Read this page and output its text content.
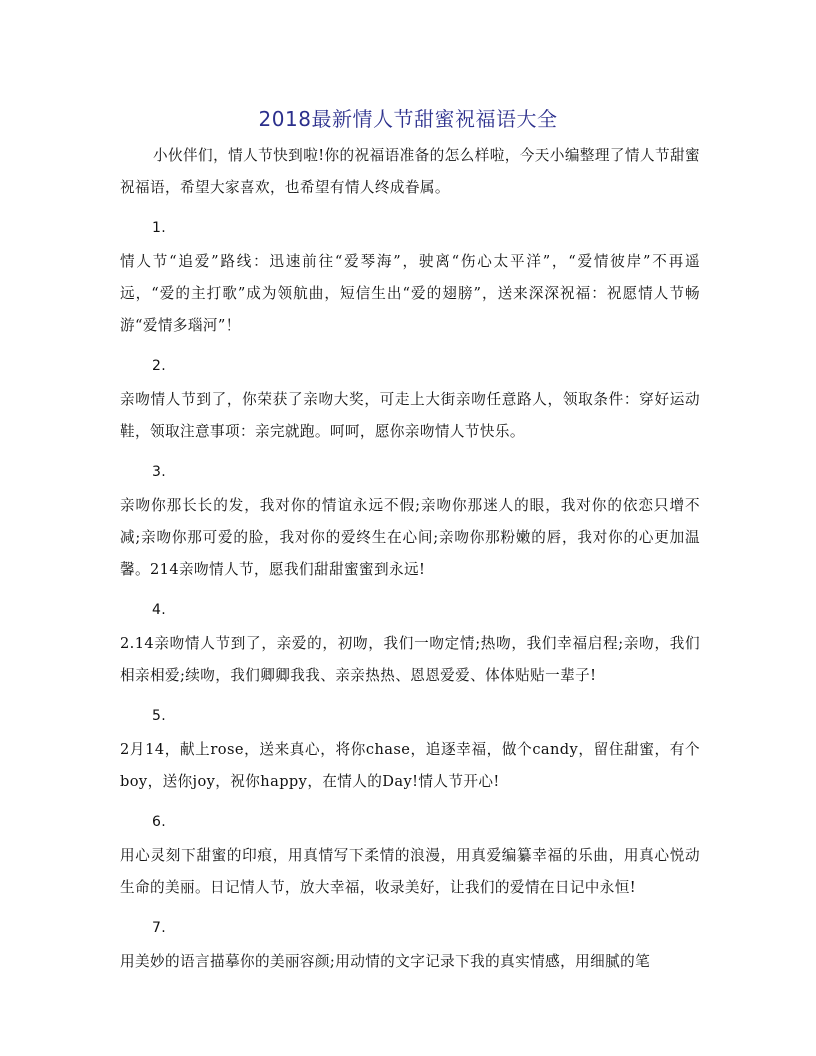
2018最新情人节甜蜜祝福语大全

小伙伴们，情人节快到啦!你的祝福语准备的怎么样啦，今天小编整理了情人节甜蜜祝福语，希望大家喜欢，也希望有情人终成眷属。

1.

情人节“追爱”路线：迅速前往“爱琴海”，驶离“伤心太平洋”，“爱情彼岸”不再遥远，“爱的主打歌”成为领航曲，短信生出“爱的翅膀”，送来深深祝福：祝愿情人节畅游“爱情多瑙河”！

2.

亲吻情人节到了，你荣获了亲吻大奖，可走上大街亲吻任意路人，领取条件：穿好运动鞋，领取注意事项：亲完就跑。呵呵，愿你亲吻情人节快乐。

3.

亲吻你那长长的发，我对你的情谊永远不假;亲吻你那迷人的眼，我对你的依恋只增不减;亲吻你那可爱的脸，我对你的爱终生在心间;亲吻你那粉嫩的唇，我对你的心更加温馨。214亲吻情人节，愿我们甜甜蜜蜜到永远!

4.

2.14亲吻情人节到了，亲爱的，初吻，我们一吻定情;热吻，我们幸福启程;亲吻，我们相亲相爱;续吻，我们卿卿我我、亲亲热热、恩恩爱爱、体体贴贴一辈子!

5.

2月14，献上rose，送来真心，将你chase，追逐幸福，做个candy，留住甜蜜，有个boy，送你joy，祝你happy，在情人的Day!情人节开心!

6.

用心灵刻下甜蜜的印痕，用真情写下柔情的浪漫，用真爱编纂幸福的乐曲，用真心悦动生命的美丽。日记情人节，放大幸福，收录美好，让我们的爱情在日记中永恒!

7.

用美妙的语言描摹你的美丽容颜;用动情的文字记录下我的真实情感，用细腻的笔
